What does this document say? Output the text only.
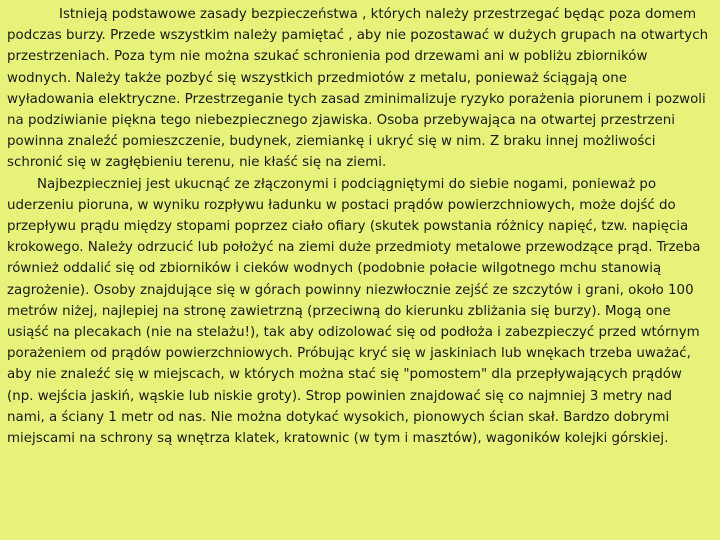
Istnieją podstawowe zasady bezpieczeństwa , których należy przestrzegać będąc poza domem podczas burzy. Przede wszystkim należy pamiętać , aby nie pozostawać w dużych grupach na otwartych przestrzeniach. Poza tym nie można szukać schronienia pod drzewami ani w pobliżu zbiorników wodnych. Należy także pozbyć się wszystkich przedmiotów z metalu, ponieważ ściągają one wyładowania elektryczne. Przestrzeganie tych zasad zminimalizuje ryzyko porażenia piorunem i pozwoli na podziwianie piękna tego niebezpiecznego zjawiska. Osoba przebywająca na otwartej przestrzeni powinna znaleźć pomieszczenie, budynek, ziemiankę i ukryć się w nim. Z braku innej możliwości schronić się w zagłębieniu terenu, nie kłaść się na ziemi.

Najbezpieczniej jest ukucnąć ze złączonymi i podciągniętymi do siebie nogami, ponieważ po uderzeniu pioruna, w wyniku rozpływu ładunku w postaci prądów powierzchniowych, może dojść do przepływu prądu między stopami poprzez ciało ofiary (skutek powstania różnicy napięć, tzw. napięcia krokowego. Należy odrzucić lub położyć na ziemi duże przedmioty metalowe przewodzące prąd. Trzeba również oddalić się od zbiorników i cieków wodnych (podobnie połacie wilgotnego mchu stanowią zagrożenie). Osoby znajdujące się w górach powinny niezwłocznie zejść ze szczytów i grani, około 100 metrów niżej, najlepiej na stronę zawietrzną (przeciwną do kierunku zbliżania się burzy). Mogą one usiąść na plecakach (nie na stelażu!), tak aby odizolować się od podłoża i zabezpieczyć przed wtórnym porażeniem od prądów powierzchniowych. Próbując kryć się w jaskiniach lub wnękach trzeba uważać, aby nie znaleźć się w miejscach, w których można stać się "pomostem" dla przepływających prądów (np. wejścia jaskiń, wąskie lub niskie groty). Strop powinien znajdować się co najmniej 3 metry nad nami, a ściany 1 metr od nas. Nie można dotykać wysokich, pionowych ścian skał. Bardzo dobrymi miejscami na schrony są wnętrza klatek, kratownic (w tym i masztów), wagoników kolejki górskiej.
